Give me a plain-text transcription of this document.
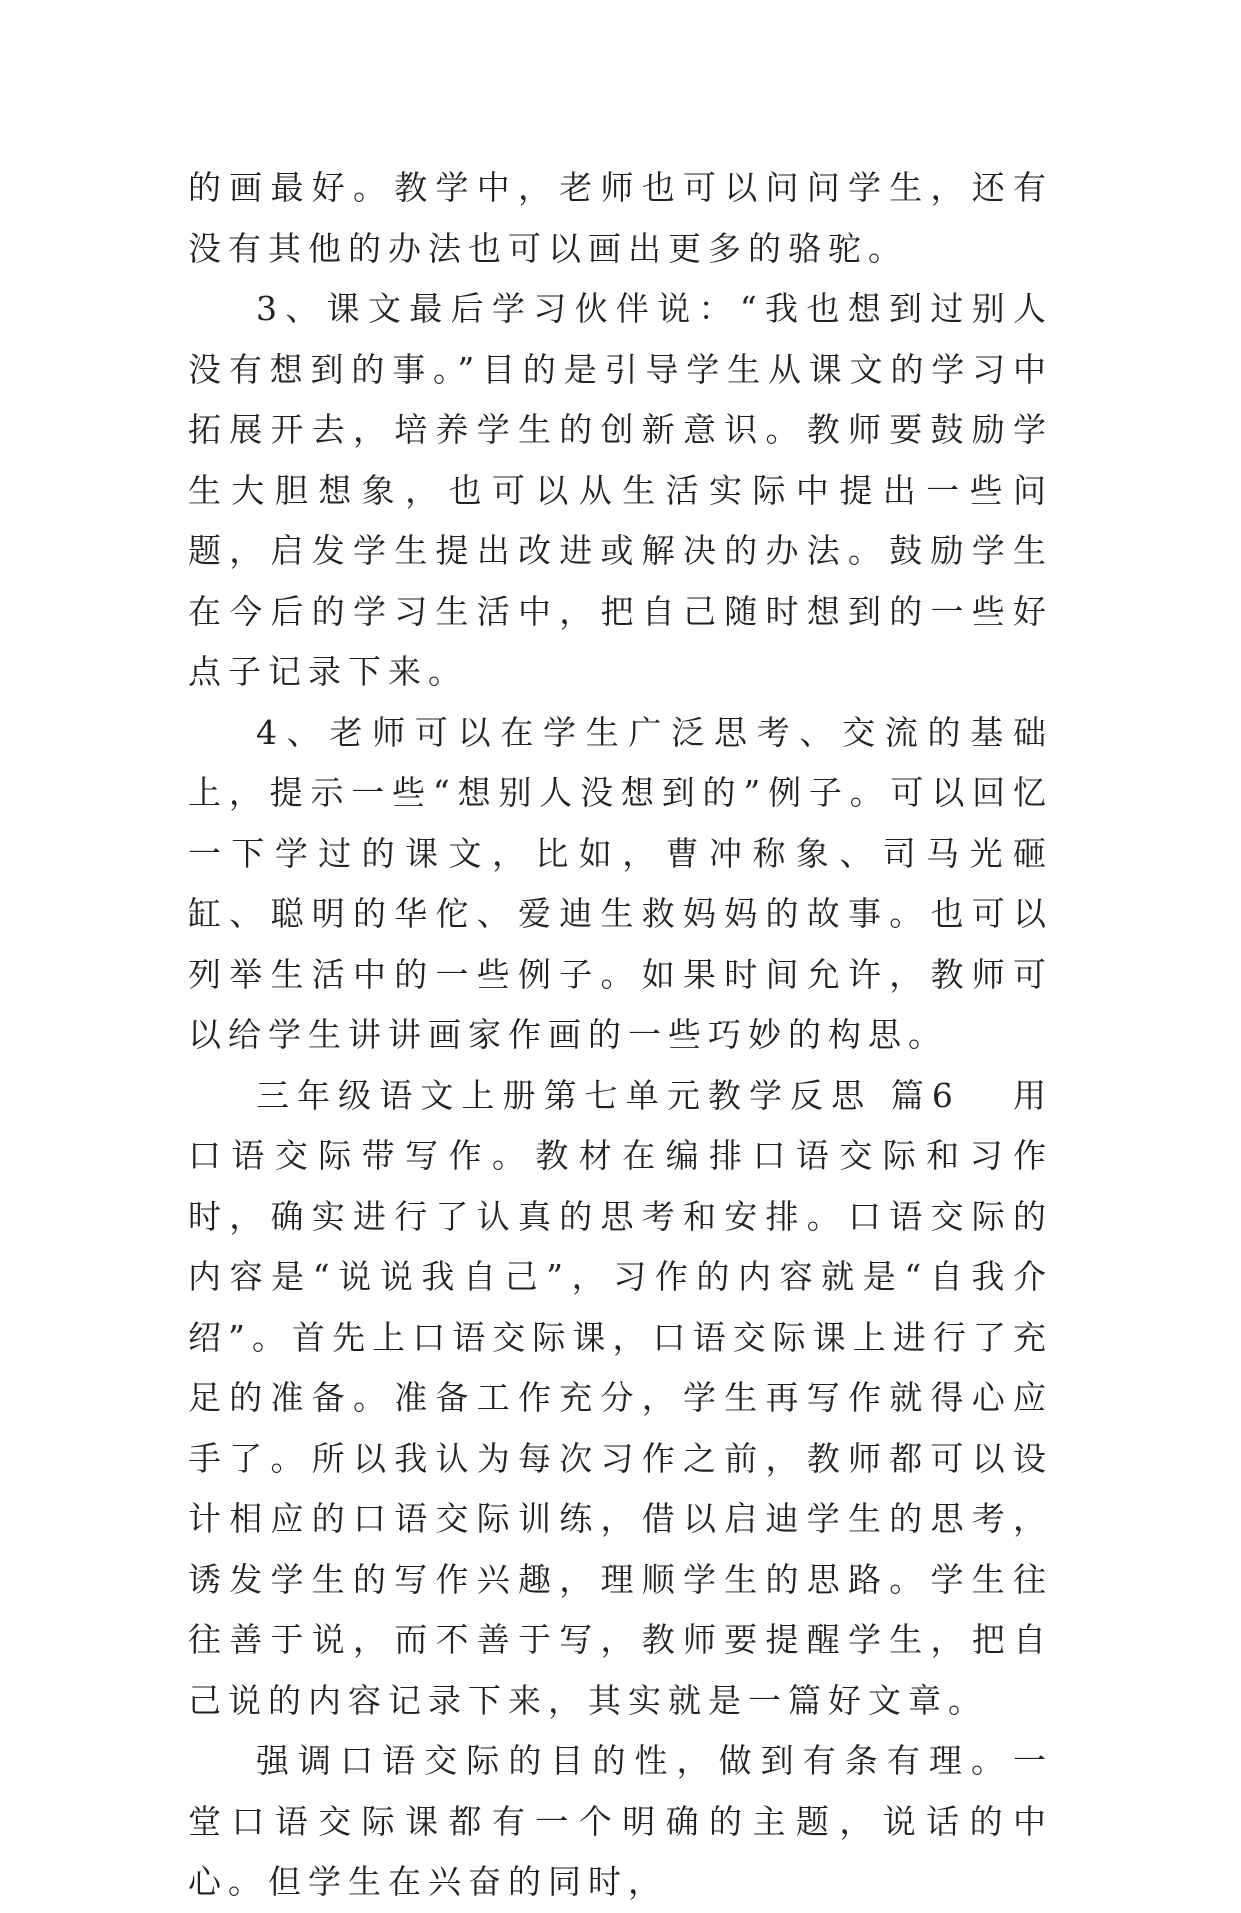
的画最好。教学中，老师也可以问问学生，还有没有其他的办法也可以画出更多的骆驼。

3、课文最后学习伙伴说：“我也想到过别人没有想到的事。”目的是引导学生从课文的学习中拓展开去，培养学生的创新意识。教师要鼓励学生大胆想象，也可以从生活实际中提出一些问题，启发学生提出改进或解决的办法。鼓励学生在今后的学习生活中，把自己随时想到的一些好点子记录下来。

4、老师可以在学生广泛思考、交流的基础上，提示一些“想别人没想到的”例子。可以回忆一下学过的课文，比如，曹冲称象、司马光砸缸、聪明的华佗、爱迪生救妈妈的故事。也可以列举生活中的一些例子。如果时间允许，教师可以给学生讲讲画家作画的一些巧妙的构思。

三年级语文上册第七单元教学反思 篇6 用口语交际带写作。教材在编排口语交际和习作时，确实进行了认真的思考和安排。口语交际的内容是“说说我自己”，习作的内容就是“自我介绍”。首先上口语交际课，口语交际课上进行了充足的准备。准备工作充分，学生再写作就得心应手了。所以我认为每次习作之前，教师都可以设计相应的口语交际训练，借以启迪学生的思考，诱发学生的写作兴趣，理顺学生的思路。学生往往善于说，而不善于写，教师要提醒学生，把自己说的内容记录下来，其实就是一篇好文章。

强调口语交际的目的性，做到有条有理。一堂口语交际课都有一个明确的主题，说话的中心。但学生在兴奋的同时，
